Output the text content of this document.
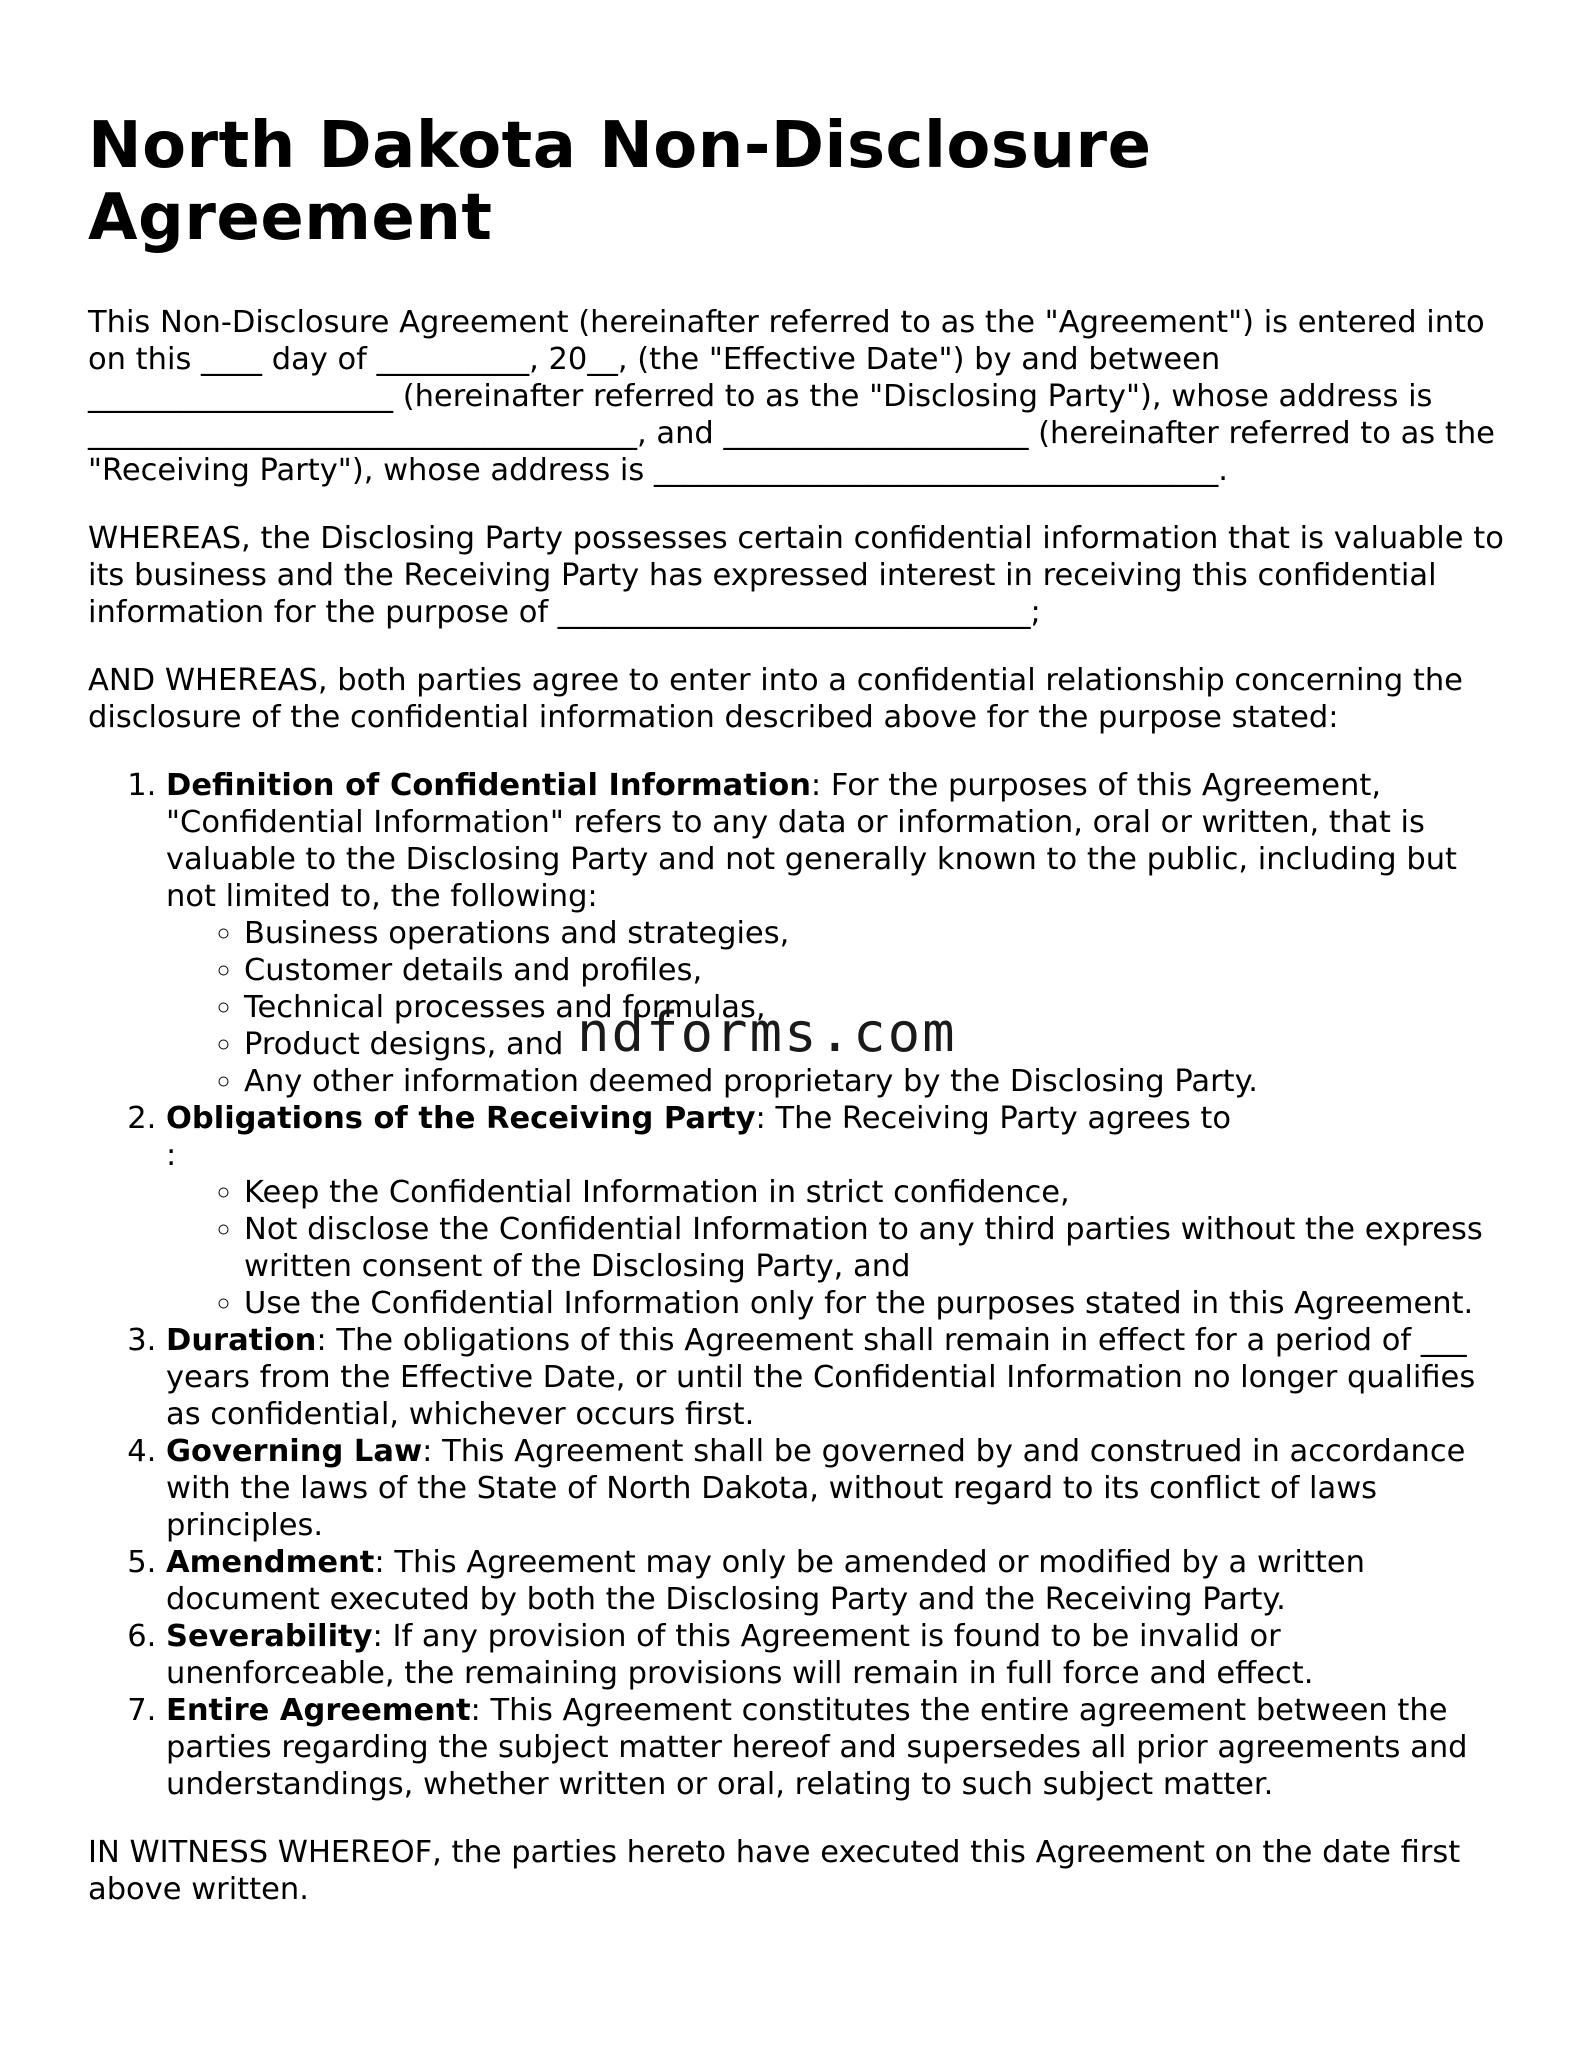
North Dakota Non-Disclosure Agreement

This Non-Disclosure Agreement (hereinafter referred to as the "Agreement") is entered into on this ____ day of __________, 20__, (the "Effective Date") by and between ____________________ (hereinafter referred to as the "Disclosing Party"), whose address is ____________________________________, and ____________________ (hereinafter referred to as the "Receiving Party"), whose address is _____________________________________.

WHEREAS, the Disclosing Party possesses certain confidential information that is valuable to its business and the Receiving Party has expressed interest in receiving this confidential information for the purpose of _______________________________;

AND WHEREAS, both parties agree to enter into a confidential relationship concerning the disclosure of the confidential information described above for the purpose stated:

1. Definition of Confidential Information: For the purposes of this Agreement, "Confidential Information" refers to any data or information, oral or written, that is valuable to the Disclosing Party and not generally known to the public, including but not limited to, the following:
◦ Business operations and strategies,
◦ Customer details and profiles,
◦ Technical processes and formulas,
◦ Product designs, and
◦ Any other information deemed proprietary by the Disclosing Party.
2. Obligations of the Receiving Party: The Receiving Party agrees to
:
◦ Keep the Confidential Information in strict confidence,
◦ Not disclose the Confidential Information to any third parties without the express written consent of the Disclosing Party, and
◦ Use the Confidential Information only for the purposes stated in this Agreement.
3. Duration: The obligations of this Agreement shall remain in effect for a period of ___ years from the Effective Date, or until the Confidential Information no longer qualifies as confidential, whichever occurs first.
4. Governing Law: This Agreement shall be governed by and construed in accordance with the laws of the State of North Dakota, without regard to its conflict of laws principles.
5. Amendment: This Agreement may only be amended or modified by a written document executed by both the Disclosing Party and the Receiving Party.
6. Severability: If any provision of this Agreement is found to be invalid or unenforceable, the remaining provisions will remain in full force and effect.
7. Entire Agreement: This Agreement constitutes the entire agreement between the parties regarding the subject matter hereof and supersedes all prior agreements and understandings, whether written or oral, relating to such subject matter.

IN WITNESS WHEREOF, the parties hereto have executed this Agreement on the date first above written.

ndforms.com
